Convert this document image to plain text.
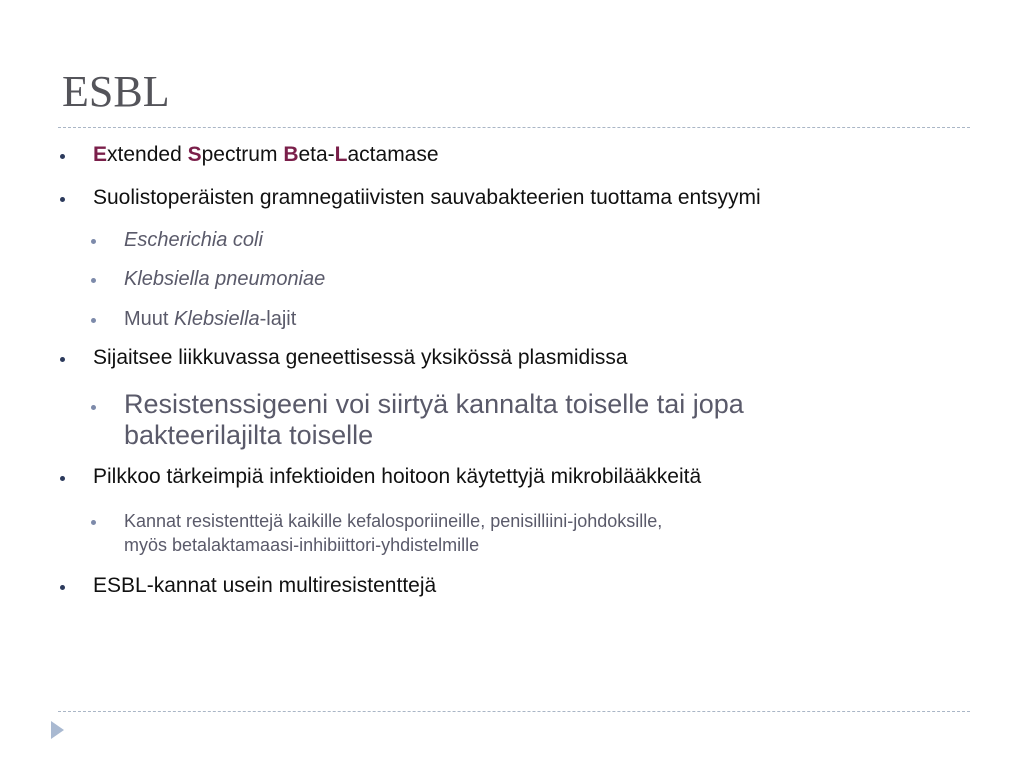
ESBL
Extended Spectrum Beta-Lactamase
Suolistoperäisten gramnegatiivisten sauvabakteerien tuottama entsyymi
Escherichia coli
Klebsiella pneumoniae
Muut Klebsiella-lajit
Sijaitsee liikkuvassa geneettisessä yksikössä plasmidissa
Resistenssigeeni voi siirtyä kannalta toiselle tai jopa
bakteerilajilta toiselle
Pilkkoo tärkeimpiä infektioiden hoitoon käytettyjä mikrobilääkkeitä
Kannat resistenttejä kaikille kefalosporiineille, penisilliini-johdoksille,
myös betalaktamaasi-inhibiittori-yhdistelmille
ESBL-kannat usein multiresistenttejä
